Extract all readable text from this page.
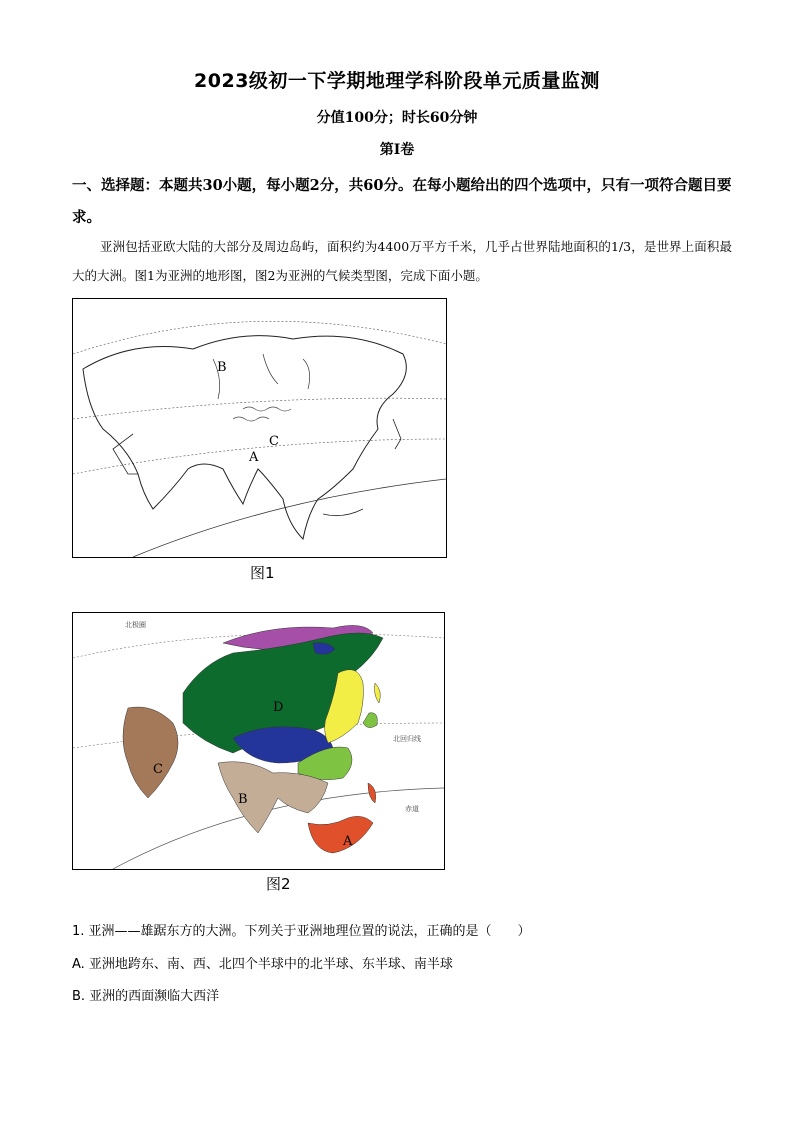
2023级初一下学期地理学科阶段单元质量监测
分值100分；时长60分钟
第Ⅰ卷
一、选择题：本题共30小题，每小题2分，共60分。在每小题给出的四个选项中，只有一项符合题目要求。
亚洲包括亚欧大陆的大部分及周边岛屿，面积约为4400万平方千米，几乎占世界陆地面积的1/3，是世界上面积最大的大洲。图1为亚洲的地形图，图2为亚洲的气候类型图，完成下面小题。
B
C
A
图1
北极圈
北回归线
赤道
D
C
B
A
图2
1. 亚洲——雄踞东方的大洲。下列关于亚洲地理位置的说法，正确的是（　　）
A. 亚洲地跨东、南、西、北四个半球中的北半球、东半球、南半球
B. 亚洲的西面濒临大西洋
